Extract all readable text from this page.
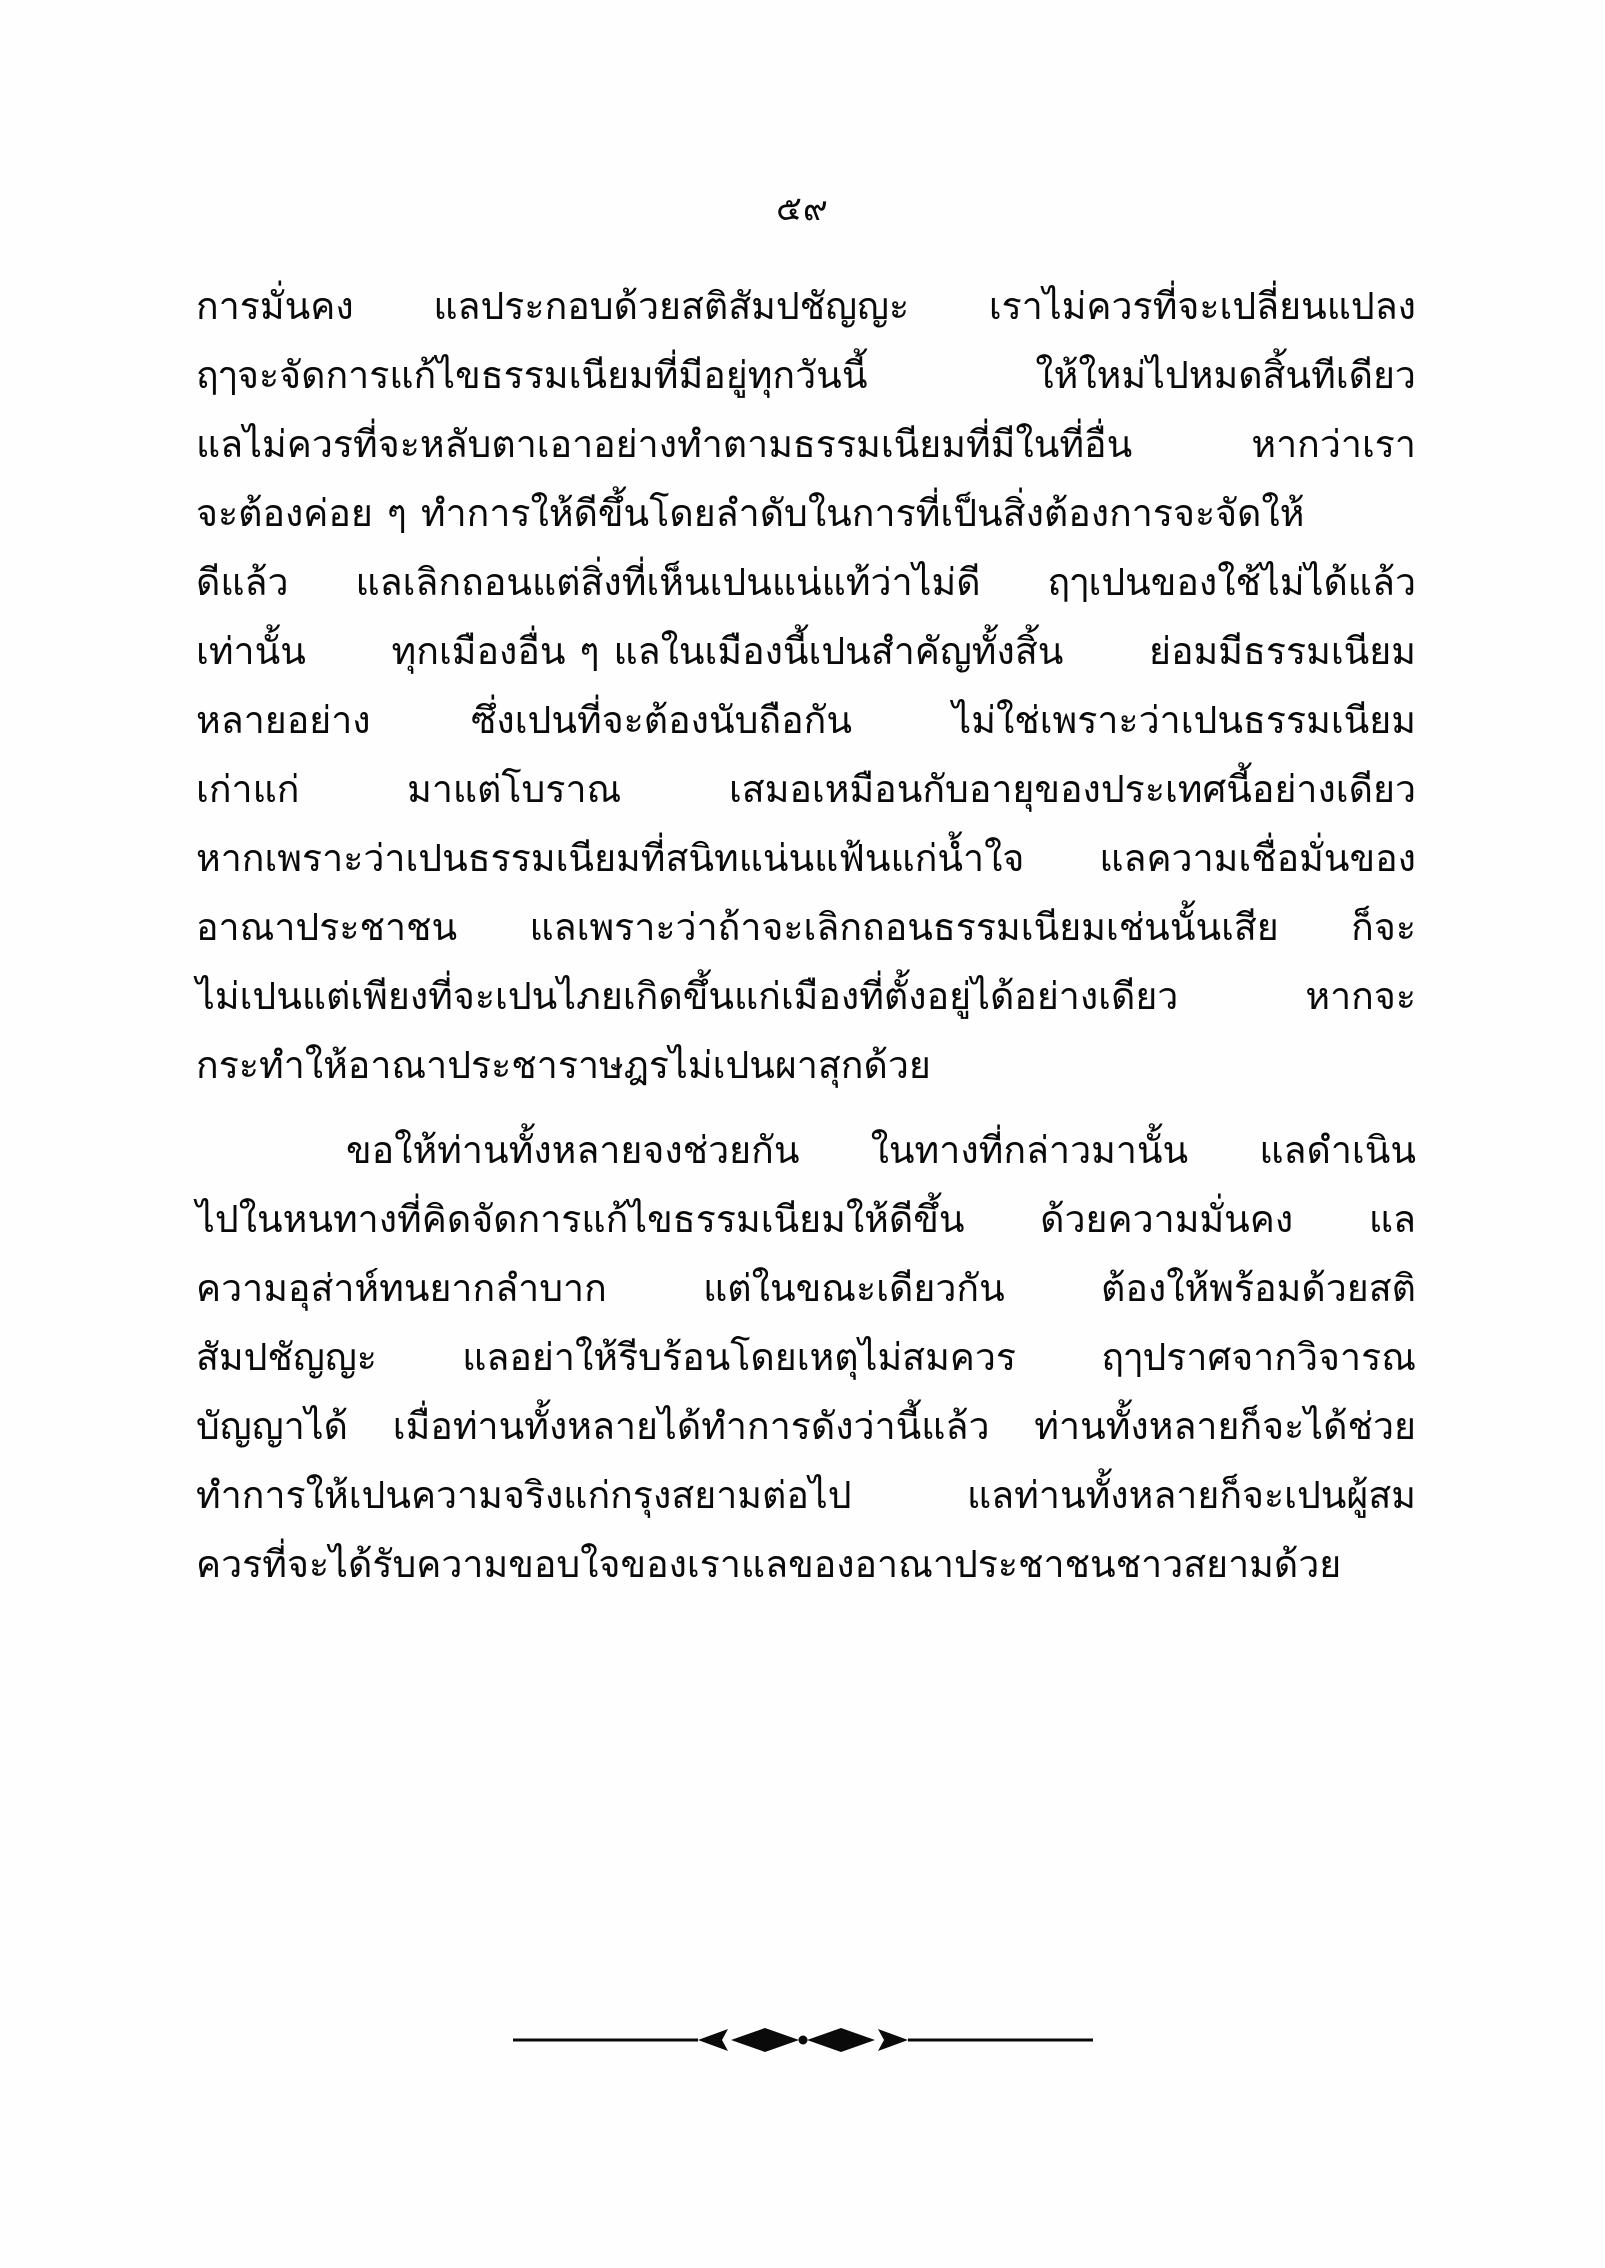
๕๙
การมั่นคง แลประกอบด้วยสติสัมปชัญญะ เราไม่ควรที่จะเปลี่ยนแปลง
ฤๅจะจัดการแก้ไขธรรมเนียมที่มีอยู่ทุกวันนี้	ให้ใหม่ไปหมดสิ้นทีเดียว
แลไม่ควรที่จะหลับตาเอาอย่างทำตามธรรมเนียมที่มีในที่อื่น	หากว่าเรา
จะต้องค่อย ๆ ทำการให้ดีขึ้นโดยลำดับในการที่เป็นสิ่งต้องการจะจัดให้
ดีแล้ว แลเลิกถอนแต่สิ่งที่เห็นเปนแน่แท้ว่าไม่ดี ฤๅเปนของใช้ไม่ได้แล้ว
เท่านั้น ทุกเมืองอื่น ๆ แลในเมืองนี้เปนสำคัญทั้งสิ้น ย่อมมีธรรมเนียม
หลายอย่าง	ซึ่งเปนที่จะต้องนับถือกัน	ไม่ใช่เพราะว่าเปนธรรมเนียม
เก่าแก่	มาแต่โบราณ	เสมอเหมือนกับอายุของประเทศนี้อย่างเดียว
หากเพราะว่าเปนธรรมเนียมที่สนิทแน่นแฟ้นแก่น้ำใจ แลความเชื่อมั่นของ
อาณาประชาชน แลเพราะว่าถ้าจะเลิกถอนธรรมเนียมเช่นนั้นเสีย ก็จะ
ไม่เปนแต่เพียงที่จะเปนไภยเกิดขึ้นแก่เมืองที่ตั้งอยู่ได้อย่างเดียว	หากจะ
กระทำให้อาณาประชาราษฎรไม่เปนผาสุกด้วย
ขอให้ท่านทั้งหลายจงช่วยกัน ในทางที่กล่าวมานั้น แลดำเนิน
ไปในหนทางที่คิดจัดการแก้ไขธรรมเนียมให้ดีขึ้น ด้วยความมั่นคง แล
ความอุส่าห์ทนยากลำบาก	แต่ในขณะเดียวกัน	ต้องให้พร้อมด้วยสติ
สัมปชัญญะ แลอย่าให้รีบร้อนโดยเหตุไม่สมควร ฤๅปราศจากวิจารณ
บัญญาได้ เมื่อท่านทั้งหลายได้ทำการดังว่านี้แล้ว ท่านทั้งหลายก็จะได้ช่วย
ทำการให้เปนความจริงแก่กรุงสยามต่อไป	แลท่านทั้งหลายก็จะเปนผู้สม
ควรที่จะได้รับความขอบใจของเราแลของอาณาประชาชนชาวสยามด้วย
